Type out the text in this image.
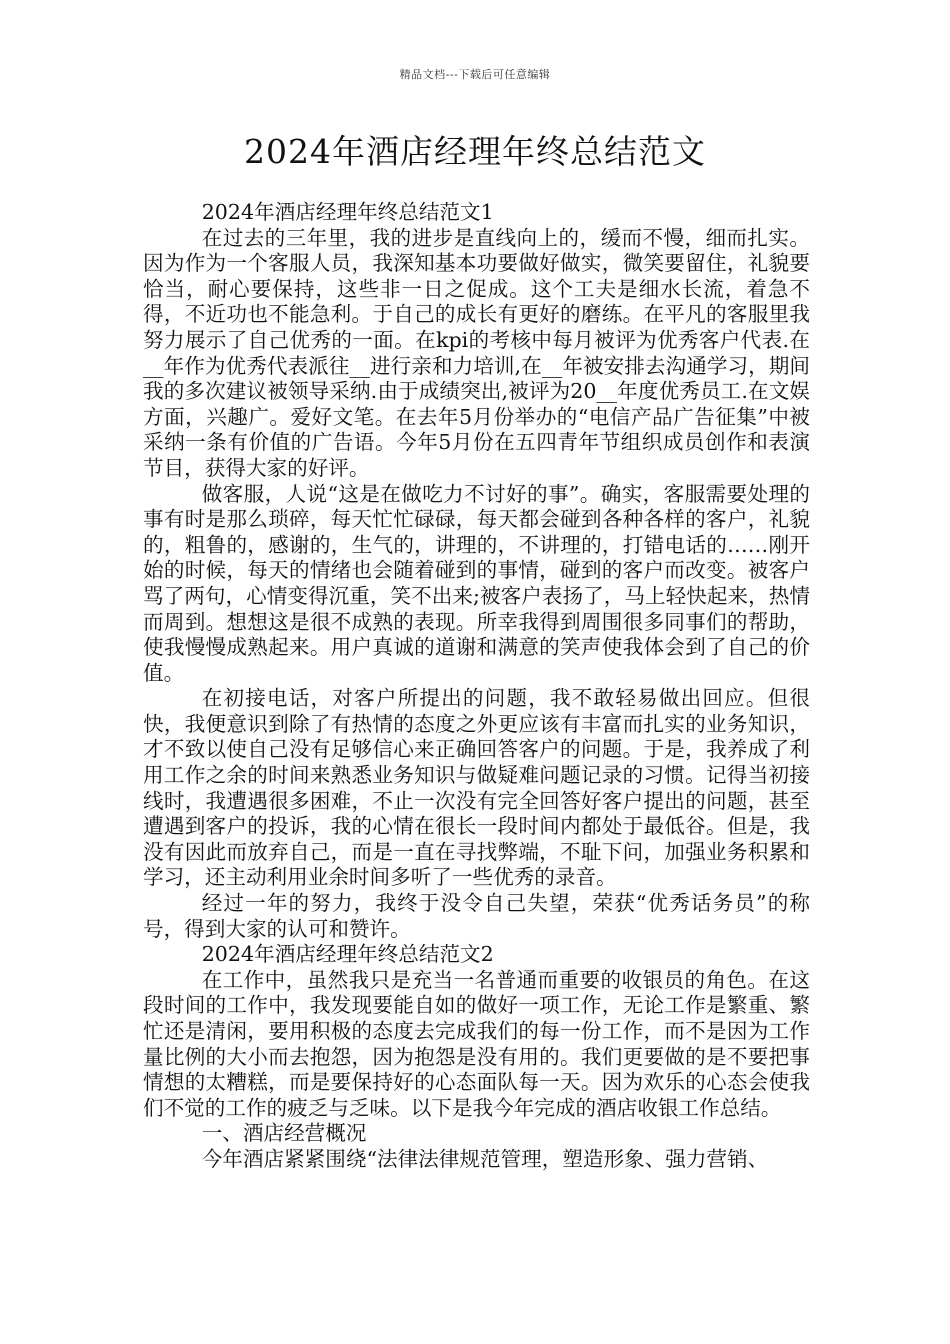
精品文档---下载后可任意编辑
2024年酒店经理年终总结范文

2024年酒店经理年终总结范文1

在过去的三年里，我的进步是直线向上的，缓而不慢，细而扎实。因为作为一个客服人员，我深知基本功要做好做实，微笑要留住，礼貌要恰当，耐心要保持，这些非一日之促成。这个工夫是细水长流，着急不得，不近功也不能急利。于自己的成长有更好的磨练。在平凡的客服里我努力展示了自己优秀的一面。在kpi的考核中每月被评为优秀客户代表.在__年作为优秀代表派往__进行亲和力培训,在__年被安排去沟通学习，期间我的多次建议被领导采纳.由于成绩突出,被评为20__年度优秀员工.在文娱方面，兴趣广。爱好文笔。在去年5月份举办的“电信产品广告征集”中被采纳一条有价值的广告语。今年5月份在五四青年节组织成员创作和表演节目，获得大家的好评。

做客服，人说“这是在做吃力不讨好的事”。确实，客服需要处理的事有时是那么琐碎，每天忙忙碌碌，每天都会碰到各种各样的客户，礼貌的，粗鲁的，感谢的，生气的，讲理的，不讲理的，打错电话的……刚开始的时候，每天的情绪也会随着碰到的事情，碰到的客户而改变。被客户骂了两句，心情变得沉重，笑不出来;被客户表扬了，马上轻快起来，热情而周到。想想这是很不成熟的表现。所幸我得到周围很多同事们的帮助，使我慢慢成熟起来。用户真诚的道谢和满意的笑声使我体会到了自己的价值。

在初接电话，对客户所提出的问题，我不敢轻易做出回应。但很快，我便意识到除了有热情的态度之外更应该有丰富而扎实的业务知识，才不致以使自己没有足够信心来正确回答客户的问题。于是，我养成了利用工作之余的时间来熟悉业务知识与做疑难问题记录的习惯。记得当初接线时，我遭遇很多困难，不止一次没有完全回答好客户提出的问题，甚至遭遇到客户的投诉，我的心情在很长一段时间内都处于最低谷。但是，我没有因此而放弃自己，而是一直在寻找弊端，不耻下问，加强业务积累和学习，还主动利用业余时间多听了一些优秀的录音。

经过一年的努力，我终于没令自己失望，荣获“优秀话务员”的称号，得到大家的认可和赞许。

2024年酒店经理年终总结范文2

在工作中，虽然我只是充当一名普通而重要的收银员的角色。在这段时间的工作中，我发现要能自如的做好一项工作，无论工作是繁重、繁忙还是清闲，要用积极的态度去完成我们的每一份工作，而不是因为工作量比例的大小而去抱怨，因为抱怨是没有用的。我们更要做的是不要把事情想的太糟糕，而是要保持好的心态面队每一天。因为欢乐的心态会使我们不觉的工作的疲乏与乏味。以下是我今年完成的酒店收银工作总结。

一、酒店经营概况

今年酒店紧紧围绕“法律法律规范管理，塑造形象、强力营销、
